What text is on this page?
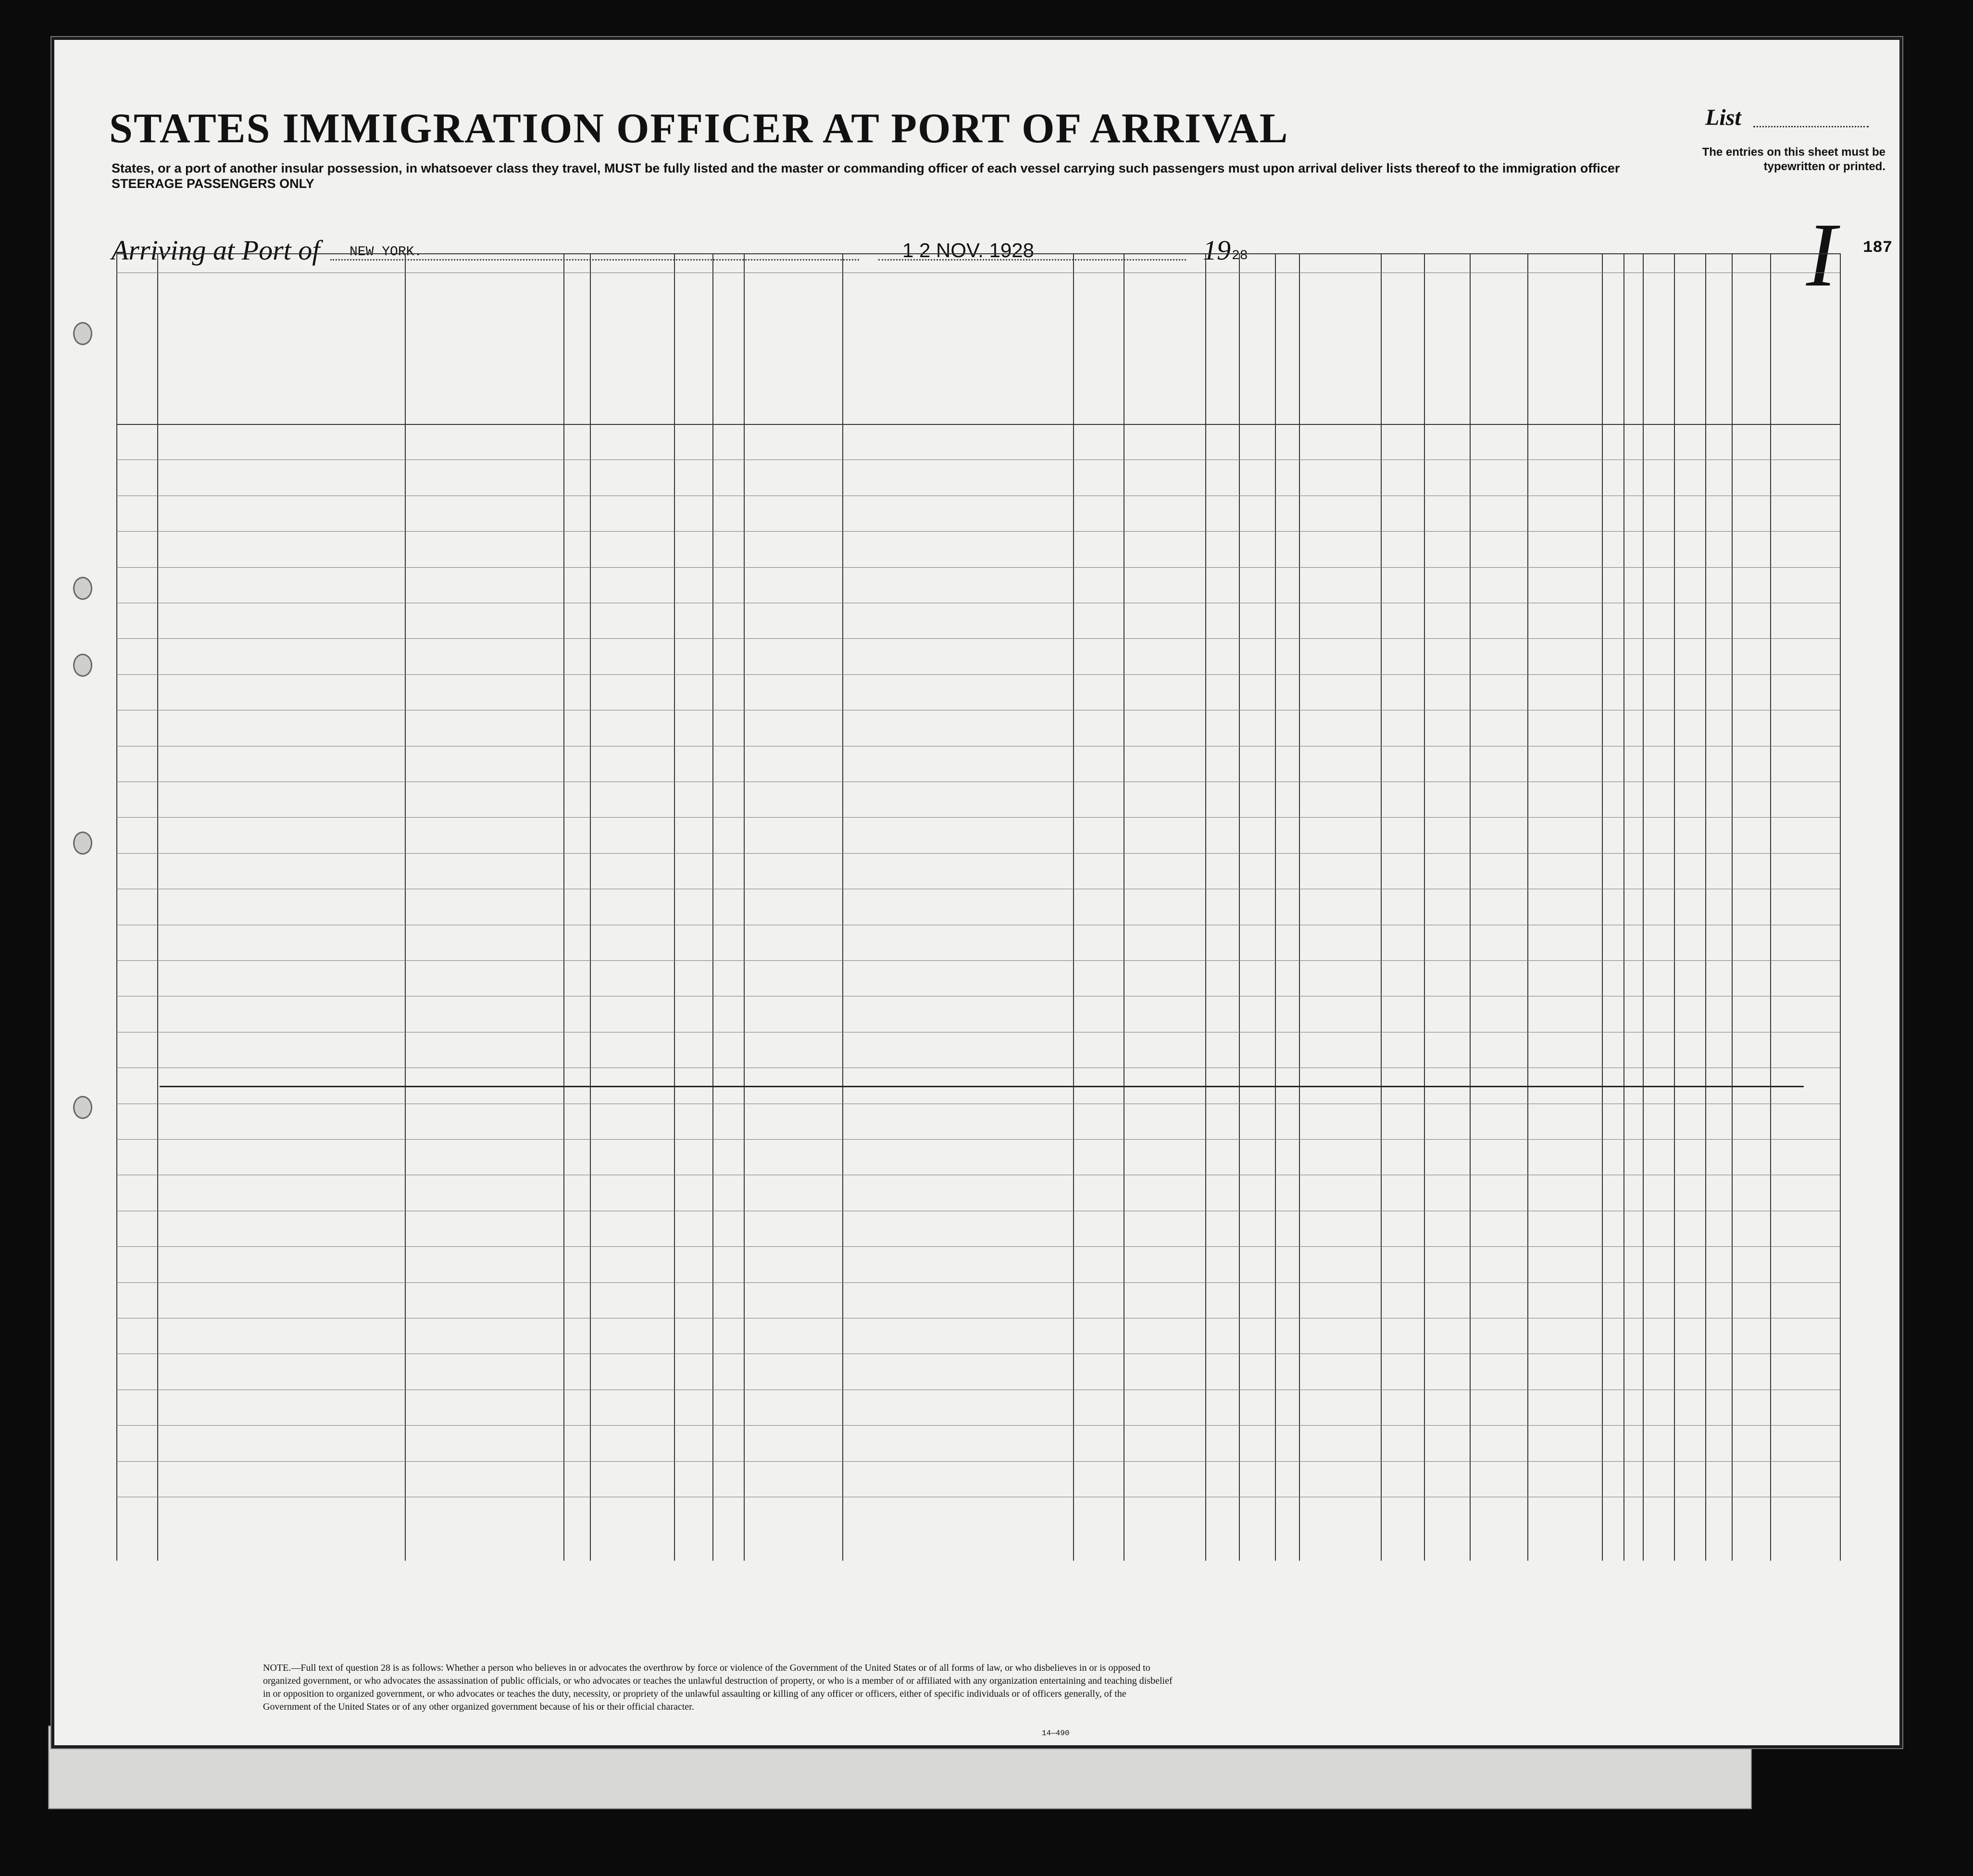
List
The entries on this sheet must be typewritten or printed.
STATES IMMIGRATION OFFICER AT PORT OF ARRIVAL
States, or a port of another insular possession, in whatsoever class they travel, MUST be fully listed and the master or commanding officer of each vessel carrying such passengers must upon arrival deliver lists thereof to the immigration officer
STEERAGE PASSENGERS ONLY
Arriving at Port of NEW YORK.	1 2 NOV. 1928	19 28	I 187
NOTE.—Full text of question 28 is as follows: Whether a person who believes in or advocates the overthrow by force or violence of the Government of the United States or of all forms of law, or who disbelieves in or is opposed to organized government, or who advocates the assassination of public officials, or who advocates or teaches the unlawful destruction of property, or who is a member of or affiliated with any organization entertaining and teaching disbelief in or opposition to organized government, or who advocates or teaches the duty, necessity, or propriety of the unlawful assaulting or killing of any officer or officers, either of specific individuals or of officers generally, of the Government of the United States or of any other organized government because of his or their official character.
14—490
